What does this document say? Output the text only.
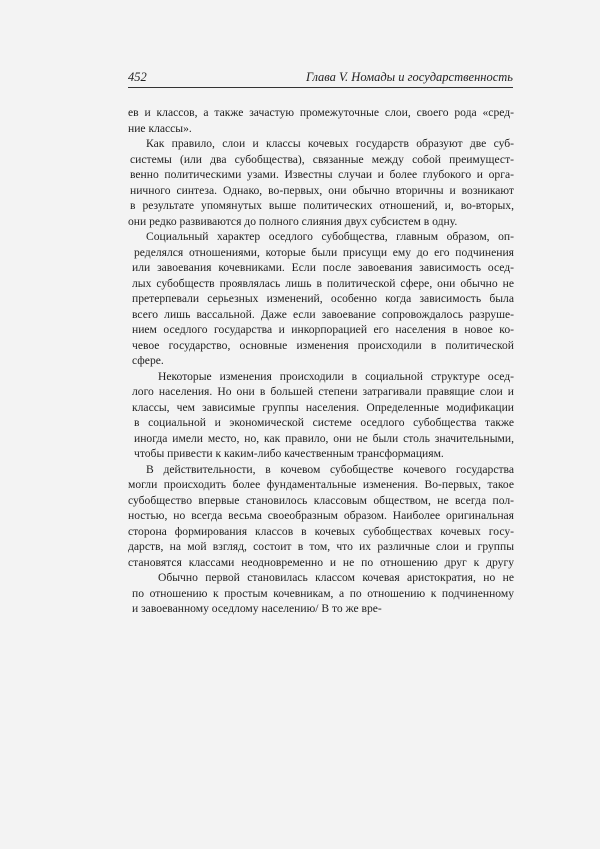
452	Глава V. Номады и государственность
ев и классов, а также зачастую промежуточные слои, своего рода «сред-
ние классы».
Как правило, слои и классы кочевых государств образуют две суб-
системы (или два субобщества), связанные между собой преимущест-
венно политическими узами. Известны случаи и более глубокого и орга-
ничного синтеза. Однако, во-первых, они обычно вторичны и возникают
в результате упомянутых выше политических отношений, и, во-вторых,
они редко развиваются до полного слияния двух субсистем в одну.
Социальный характер оседлого субобщества, главным образом, оп-
ределялся отношениями, которые были присущи ему до его подчинения
или завоевания кочевниками. Если после завоевания зависимость осед-
лых субобществ проявлялась лишь в политической сфере, они обычно не
претерпевали серьезных изменений, особенно когда зависимость была
всего лишь вассальной. Даже если завоевание сопровождалось разруше-
нием оседлого государства и инкорпорацией его населения в новое ко-
чевое государство, основные изменения происходили в политической
сфере.
Некоторые изменения происходили в социальной структуре осед-
лого населения. Но они в большей степени затрагивали правящие слои и
классы, чем зависимые группы населения. Определенные модификации
в социальной и экономической системе оседлого субобщества также
иногда имели место, но, как правило, они не были столь значительными,
чтобы привести к каким-либо качественным трансформациям.
В действительности, в кочевом субобществе кочевого государства
могли происходить более фундаментальные изменения. Во-первых, такое
субобщество впервые становилось классовым обществом, не всегда пол-
ностью, но всегда весьма своеобразным образом. Наиболее оригинальная
сторона формирования классов в кочевых субобществах кочевых госу-
дарств, на мой взгляд, состоит в том, что их различные слои и группы
становятся классами неодновременно и не по отношению друг к другу
Обычно первой становилась классом кочевая аристократия, но не
по отношению к простым кочевникам, а по отношению к подчиненному
и завоеванному оседлому населению/ В то же вре-
